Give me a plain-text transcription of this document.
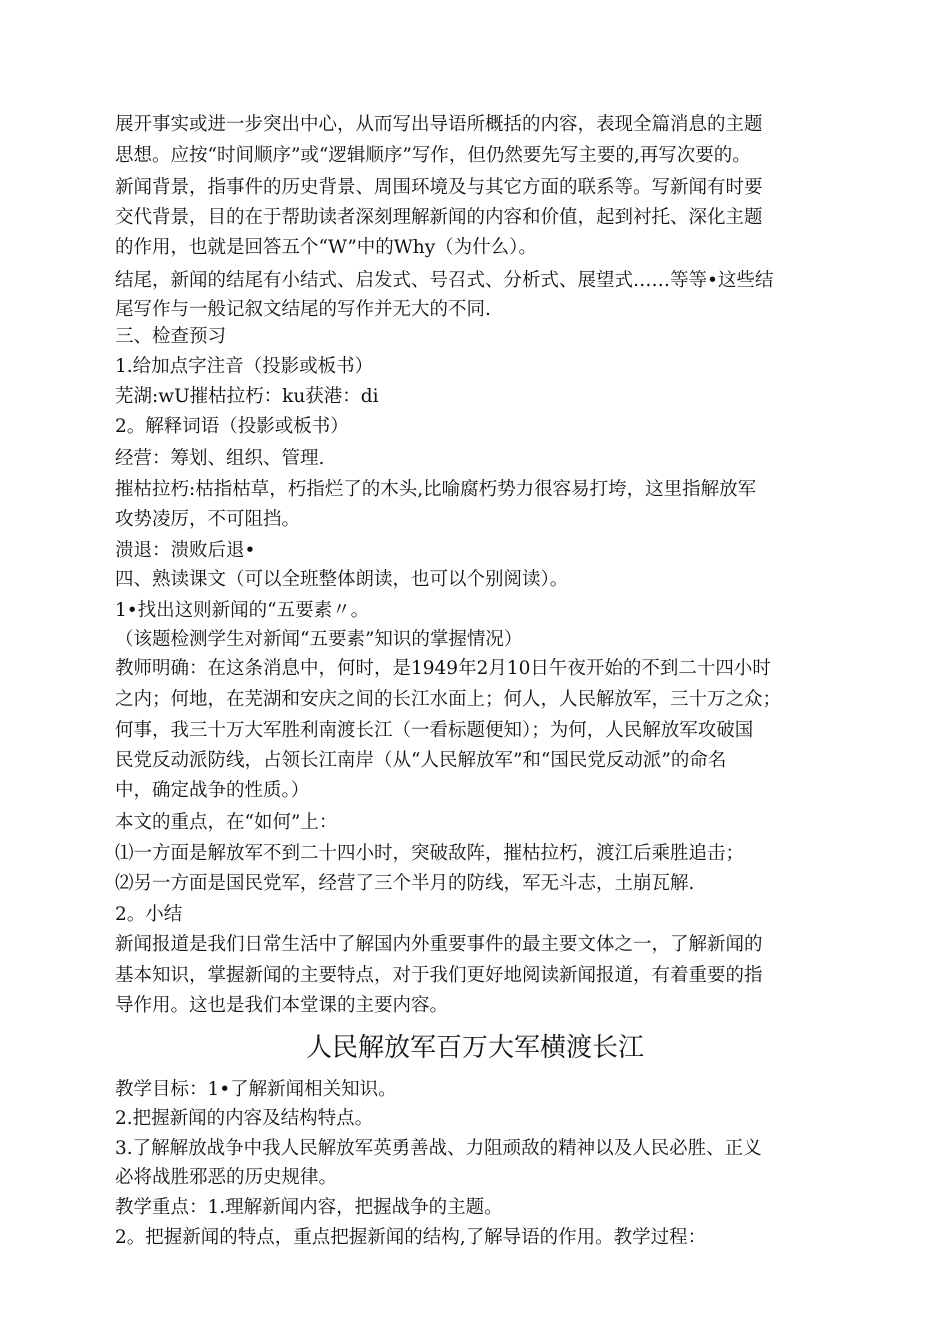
展开事实或进一步突出中心，从而写出导语所概括的内容，表现全篇消息的主题
思想。应按“时间顺序”或“逻辑顺序”写作，但仍然要先写主要的,再写次要的。
新闻背景，指事件的历史背景、周围环境及与其它方面的联系等。写新闻有时要
交代背景，目的在于帮助读者深刻理解新闻的内容和价值，起到衬托、深化主题
的作用，也就是回答五个“W”中的Why（为什么）。
结尾，新闻的结尾有小结式、启发式、号召式、分析式、展望式……等等•这些结
尾写作与一般记叙文结尾的写作并无大的不同.
三、检查预习
1.给加点字注音（投影或板书）
芜湖:wU摧枯拉朽：ku获港：di
2。解释词语（投影或板书）
经营：筹划、组织、管理.
摧枯拉朽:枯指枯草，朽指烂了的木头,比喻腐朽势力很容易打垮，这里指解放军
攻势凌厉，不可阻挡。
溃退：溃败后退•
四、熟读课文（可以全班整体朗读，也可以个别阅读）。
1•找出这则新闻的“五要素〃。
（该题检测学生对新闻“五要素”知识的掌握情况）
教师明确：在这条消息中，何时，是1949年2月10日午夜开始的不到二十四小时
之内；何地，在芜湖和安庆之间的长江水面上；何人，人民解放军，三十万之众；
何事，我三十万大军胜利南渡长江（一看标题便知）；为何，人民解放军攻破国
民党反动派防线，占领长江南岸（从“人民解放军”和“国民党反动派”的命名
中，确定战争的性质。）
本文的重点，在“如何”上：
⑴一方面是解放军不到二十四小时，突破敌阵，摧枯拉朽，渡江后乘胜追击；
⑵另一方面是国民党军，经营了三个半月的防线，军无斗志，土崩瓦解.
2。小结
新闻报道是我们日常生活中了解国内外重要事件的最主要文体之一，了解新闻的
基本知识，掌握新闻的主要特点，对于我们更好地阅读新闻报道，有着重要的指
导作用。这也是我们本堂课的主要内容。
人民解放军百万大军横渡长江
教学目标：1•了解新闻相关知识。
2.把握新闻的内容及结构特点。
3.了解解放战争中我人民解放军英勇善战、力阻顽敌的精神以及人民必胜、正义
必将战胜邪恶的历史规律。
教学重点：1.理解新闻内容，把握战争的主题。
2。把握新闻的特点，重点把握新闻的结构,了解导语的作用。教学过程：
